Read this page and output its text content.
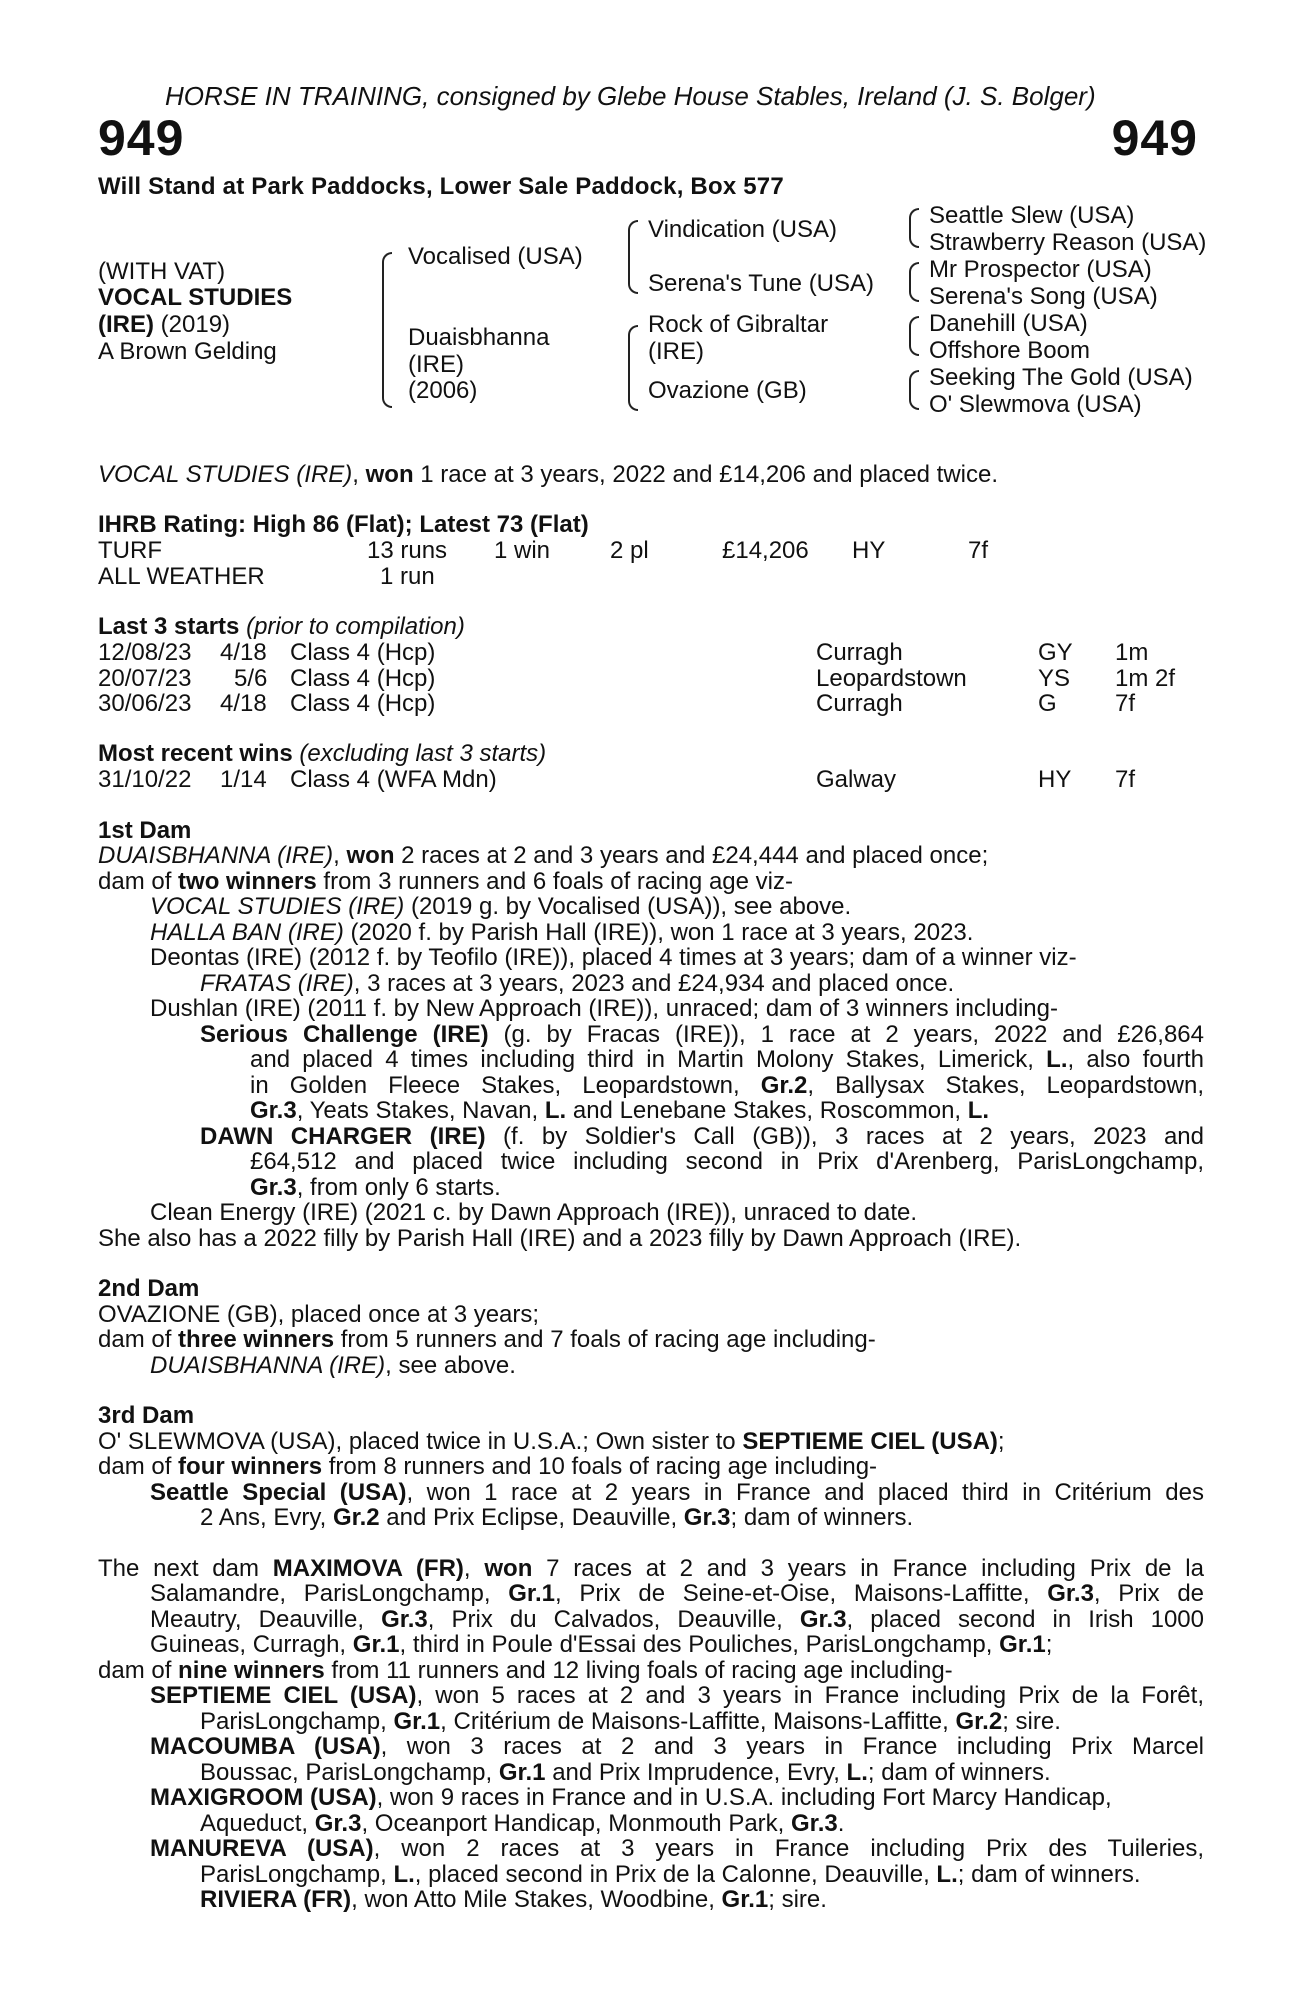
HORSE IN TRAINING, consigned by Glebe House Stables, Ireland (J. S. Bolger)
949	949
Will Stand at Park Paddocks, Lower Sale Paddock, Box 577
(WITH VAT)
VOCAL STUDIES
(IRE) (2019)
A Brown Gelding
Vocalised (USA)
Duaisbhanna
(IRE)
(2006)
Vindication (USA)
Serena's Tune (USA)
Rock of Gibraltar
(IRE)
Ovazione (GB)
Seattle Slew (USA)
Strawberry Reason (USA)
Mr Prospector (USA)
Serena's Song (USA)
Danehill (USA)
Offshore Boom
Seeking The Gold (USA)
O' Slewmova (USA)
VOCAL STUDIES (IRE), won 1 race at 3 years, 2022 and £14,206 and placed twice.
IHRB Rating: High 86 (Flat); Latest 73 (Flat)
TURF	13 runs 1 win 2 pl	£14,206 HY	7f
ALL WEATHER	1 run
Last 3 starts (prior to compilation)
12/08/23 4/18 Class 4 (Hcp)	Curragh	GY 1m
20/07/23 5/6 Class 4 (Hcp)	Leopardstown	YS 1m 2f
30/06/23 4/18 Class 4 (Hcp)	Curragh	G 7f
Most recent wins (excluding last 3 starts)
31/10/22 1/14 Class 4 (WFA Mdn)	Galway	HY 7f
1st Dam
DUAISBHANNA (IRE), won 2 races at 2 and 3 years and £24,444 and placed once;
dam of two winners from 3 runners and 6 foals of racing age viz-
VOCAL STUDIES (IRE) (2019 g. by Vocalised (USA)), see above.
HALLA BAN (IRE) (2020 f. by Parish Hall (IRE)), won 1 race at 3 years, 2023.
Deontas (IRE) (2012 f. by Teofilo (IRE)), placed 4 times at 3 years; dam of a winner viz-
FRATAS (IRE), 3 races at 3 years, 2023 and £24,934 and placed once.
Dushlan (IRE) (2011 f. by New Approach (IRE)), unraced; dam of 3 winners including-
Serious Challenge (IRE) (g. by Fracas (IRE)), 1 race at 2 years, 2022 and £26,864
and placed 4 times including third in Martin Molony Stakes, Limerick, L., also fourth
in Golden Fleece Stakes, Leopardstown, Gr.2, Ballysax Stakes, Leopardstown,
Gr.3, Yeats Stakes, Navan, L. and Lenebane Stakes, Roscommon, L.
DAWN CHARGER (IRE) (f. by Soldier's Call (GB)), 3 races at 2 years, 2023 and
£64,512 and placed twice including second in Prix d'Arenberg, ParisLongchamp,
Gr.3, from only 6 starts.
Clean Energy (IRE) (2021 c. by Dawn Approach (IRE)), unraced to date.
She also has a 2022 filly by Parish Hall (IRE) and a 2023 filly by Dawn Approach (IRE).
2nd Dam
OVAZIONE (GB), placed once at 3 years;
dam of three winners from 5 runners and 7 foals of racing age including-
DUAISBHANNA (IRE), see above.
3rd Dam
O' SLEWMOVA (USA), placed twice in U.S.A.; Own sister to SEPTIEME CIEL (USA);
dam of four winners from 8 runners and 10 foals of racing age including-
Seattle Special (USA), won 1 race at 2 years in France and placed third in Critérium des
2 Ans, Evry, Gr.2 and Prix Eclipse, Deauville, Gr.3; dam of winners.
The next dam MAXIMOVA (FR), won 7 races at 2 and 3 years in France including Prix de la
Salamandre, ParisLongchamp, Gr.1, Prix de Seine-et-Oise, Maisons-Laffitte, Gr.3, Prix de
Meautry, Deauville, Gr.3, Prix du Calvados, Deauville, Gr.3, placed second in Irish 1000
Guineas, Curragh, Gr.1, third in Poule d'Essai des Pouliches, ParisLongchamp, Gr.1;
dam of nine winners from 11 runners and 12 living foals of racing age including-
SEPTIEME CIEL (USA), won 5 races at 2 and 3 years in France including Prix de la Forêt,
ParisLongchamp, Gr.1, Critérium de Maisons-Laffitte, Maisons-Laffitte, Gr.2; sire.
MACOUMBA (USA), won 3 races at 2 and 3 years in France including Prix Marcel
Boussac, ParisLongchamp, Gr.1 and Prix Imprudence, Evry, L.; dam of winners.
MAXIGROOM (USA), won 9 races in France and in U.S.A. including Fort Marcy Handicap,
Aqueduct, Gr.3, Oceanport Handicap, Monmouth Park, Gr.3.
MANUREVA (USA), won 2 races at 3 years in France including Prix des Tuileries,
ParisLongchamp, L., placed second in Prix de la Calonne, Deauville, L.; dam of winners.
RIVIERA (FR), won Atto Mile Stakes, Woodbine, Gr.1; sire.
